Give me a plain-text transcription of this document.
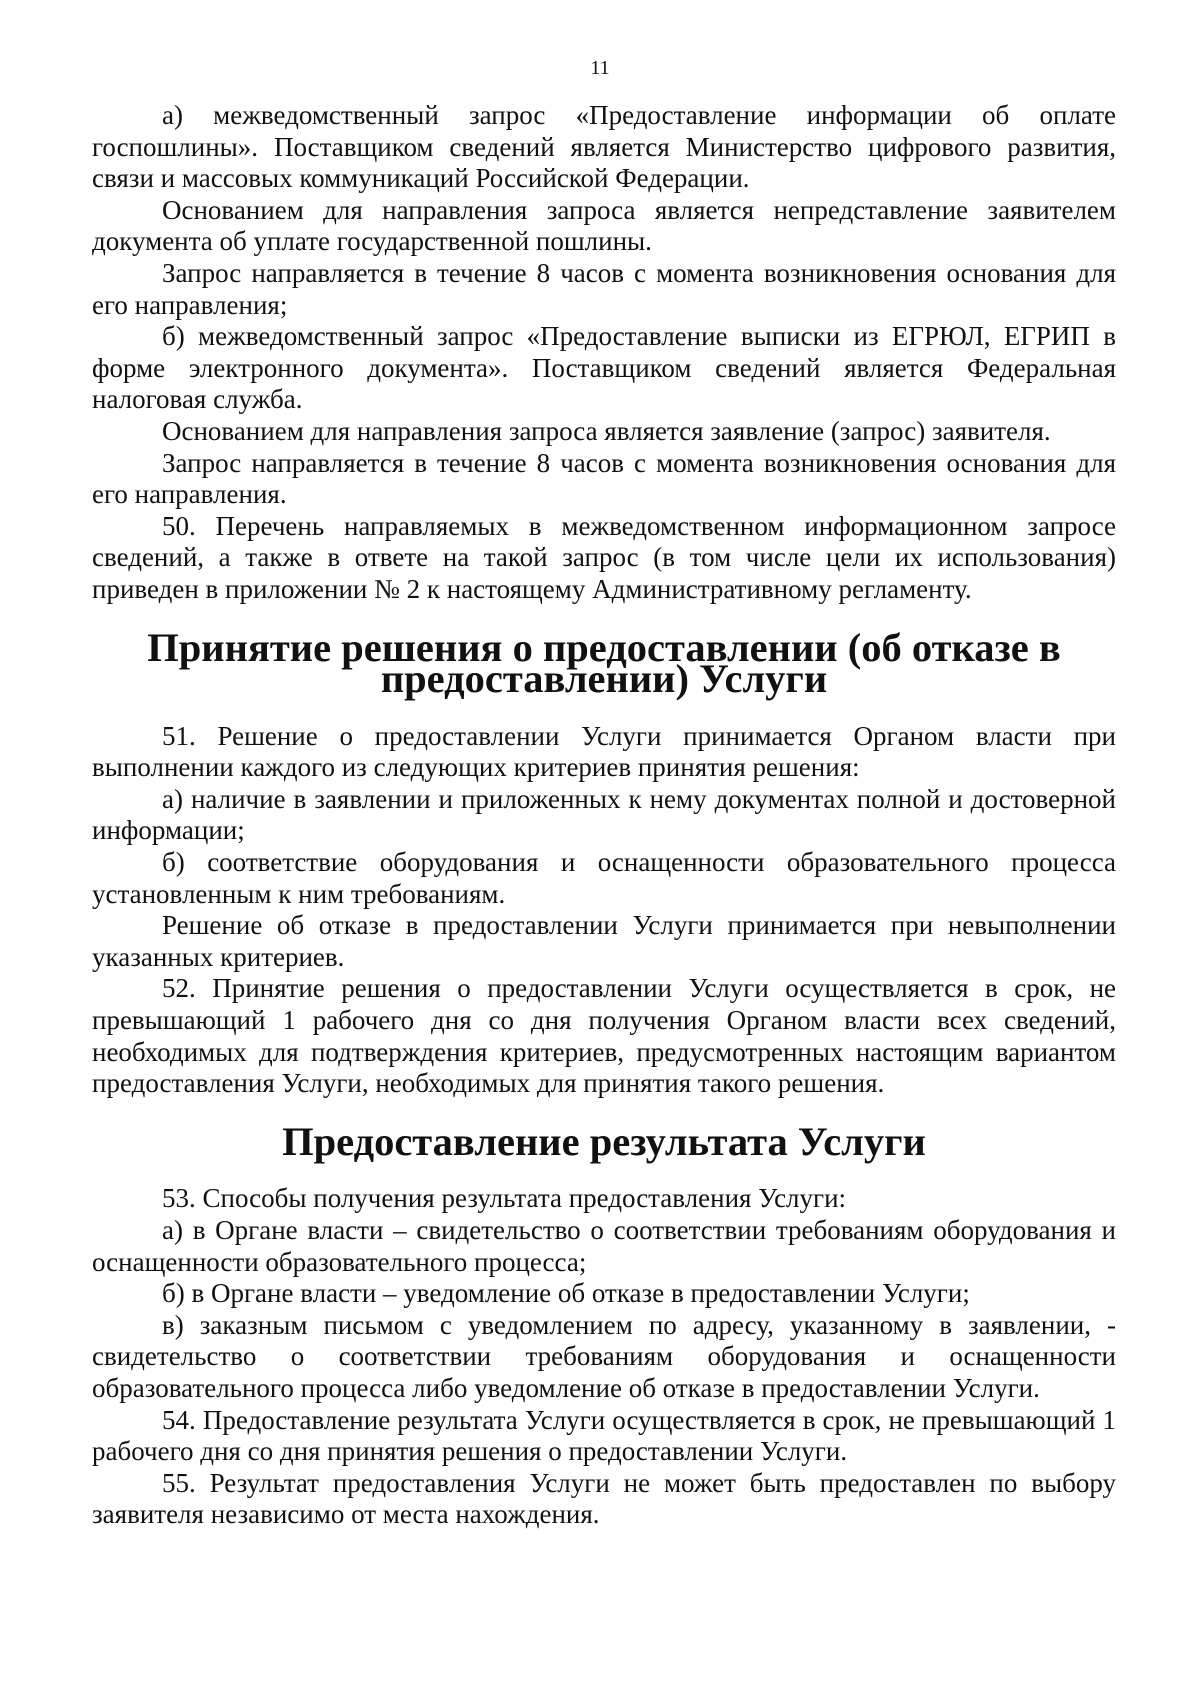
11

а) межведомственный запрос «Предоставление информации об оплате госпошлины». Поставщиком сведений является Министерство цифрового развития, связи и массовых коммуникаций Российской Федерации.

Основанием для направления запроса является непредставление заявителем документа об уплате государственной пошлины.

Запрос направляется в течение 8 часов с момента возникновения основания для его направления;

б) межведомственный запрос «Предоставление выписки из ЕГРЮЛ, ЕГРИП в форме электронного документа». Поставщиком сведений является Федеральная налоговая служба.

Основанием для направления запроса является заявление (запрос) заявителя.

Запрос направляется в течение 8 часов с момента возникновения основания для его направления.

50. Перечень направляемых в межведомственном информационном запросе сведений, а также в ответе на такой запрос (в том числе цели их использования) приведен в приложении № 2 к настоящему Административному регламенту.

Принятие решения о предоставлении (об отказе в предоставлении) Услуги

51. Решение о предоставлении Услуги принимается Органом власти при выполнении каждого из следующих критериев принятия решения:

а) наличие в заявлении и приложенных к нему документах полной и достоверной информации;

б) соответствие оборудования и оснащенности образовательного процесса установленным к ним требованиям.

Решение об отказе в предоставлении Услуги принимается при невыполнении указанных критериев.

52. Принятие решения о предоставлении Услуги осуществляется в срок, не превышающий 1 рабочего дня со дня получения Органом власти всех сведений, необходимых для подтверждения критериев, предусмотренных настоящим вариантом предоставления Услуги, необходимых для принятия такого решения.

Предоставление результата Услуги

53. Способы получения результата предоставления Услуги:

а) в Органе власти – свидетельство о соответствии требованиям оборудования и оснащенности образовательного процесса;

б) в Органе власти – уведомление об отказе в предоставлении Услуги;

в) заказным письмом с уведомлением по адресу, указанному в заявлении, - свидетельство о соответствии требованиям оборудования и оснащенности образовательного процесса либо уведомление об отказе в предоставлении Услуги.

54. Предоставление результата Услуги осуществляется в срок, не превышающий 1 рабочего дня со дня принятия решения о предоставлении Услуги.

55. Результат предоставления Услуги не может быть предоставлен по выбору заявителя независимо от места нахождения.
